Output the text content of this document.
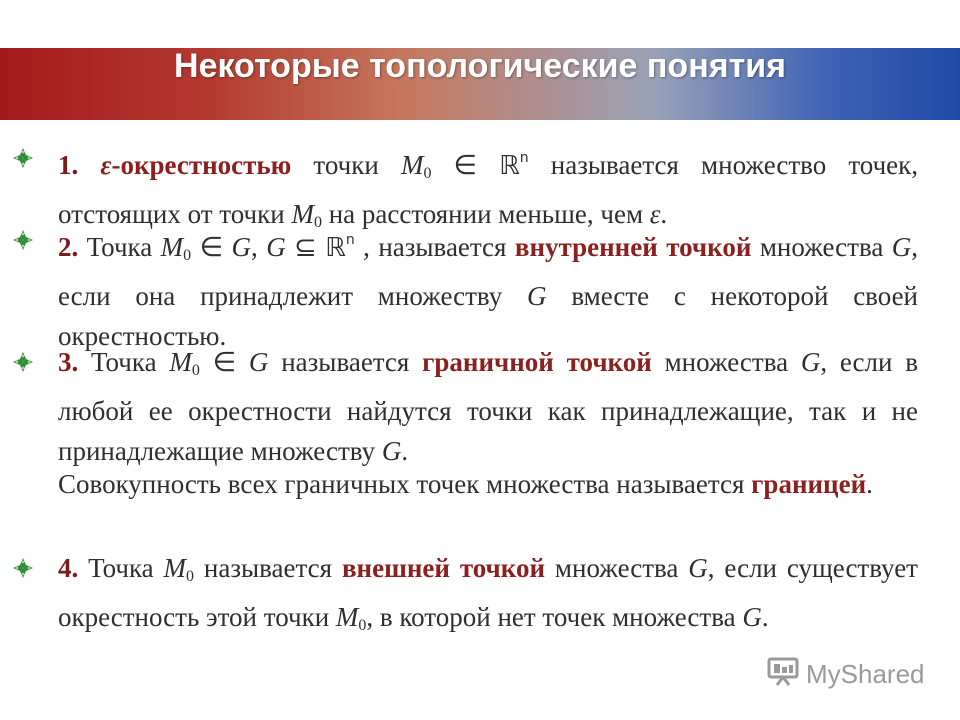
Некоторые топологические понятия
1. ε-окрестностью точки $M_0$ ∈ ℝ$^n$ называется множество точек, отстоящих от точки $M_0$ на расстоянии меньше, чем ε.
2. Точка $M_0$ ∈ G, G ⊆ ℝ$^n$ , называется внутренней точкой множества G, если она принадлежит множеству G вместе с некоторой своей окрестностью.
3. Точка $M_0$ ∈ G называется граничной точкой множества G, если в любой ее окрестности найдутся точки как принадлежащие, так и не принадлежащие множеству G.
Совокупность всех граничных точек множества называется границей.
4. Точка $M_0$ называется внешней точкой множества G, если существует окрестность этой точки $M_0$, в которой нет точек множества G.
MyShared
